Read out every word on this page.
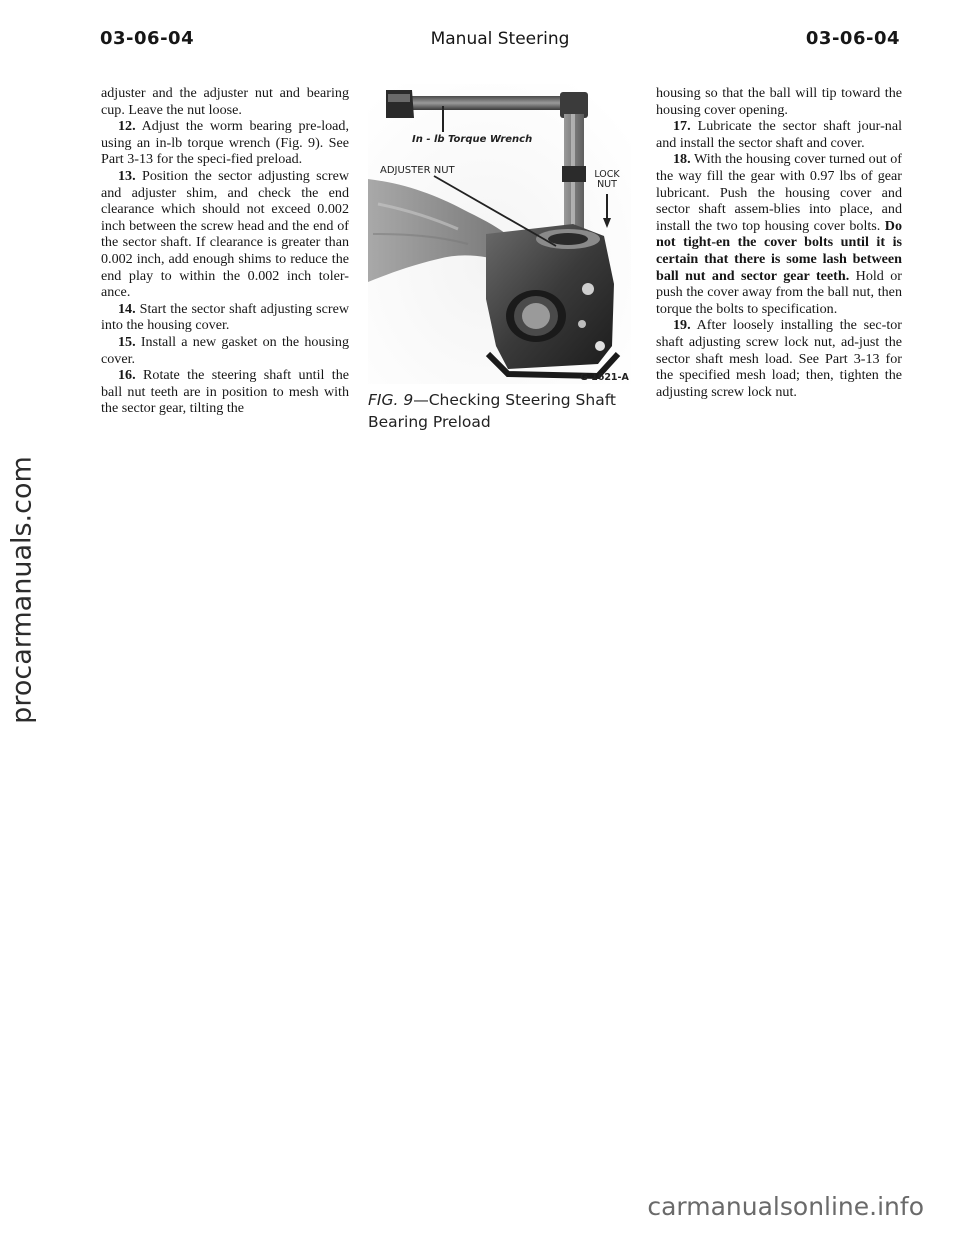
03-06-04	Manual Steering	03-06-04

adjuster and the adjuster nut and bearing cup. Leave the nut loose.

12. Adjust the worm bearing pre-load, using an in-lb torque wrench (Fig. 9). See Part 3-13 for the speci-fied preload.

13. Position the sector adjusting screw and adjuster shim, and check the end clearance which should not exceed 0.002 inch between the screw head and the end of the sector shaft. If clearance is greater than 0.002 inch, add enough shims to reduce the end play to within the 0.002 inch toler-ance.

14. Start the sector shaft adjusting screw into the housing cover.

15. Install a new gasket on the housing cover.

16. Rotate the steering shaft until the ball nut teeth are in position to mesh with the sector gear, tilting the

In - lb Torque Wrench
ADJUSTER NUT	LOCK
NUT
G 1621-A
FIG. 9—Checking Steering Shaft Bearing Preload

housing so that the ball will tip toward the housing cover opening.

17. Lubricate the sector shaft jour-nal and install the sector shaft and cover.

18. With the housing cover turned out of the way fill the gear with 0.97 lbs of gear lubricant. Push the housing cover and sector shaft assem-blies into place, and install the two top housing cover bolts. Do not tight-en the cover bolts until it is certain that there is some lash between ball nut and sector gear teeth. Hold or push the cover away from the ball nut, then torque the bolts to specification.

19. After loosely installing the sec-tor shaft adjusting screw lock nut, ad-just the sector shaft mesh load. See Part 3-13 for the specified mesh load; then, tighten the adjusting screw lock nut.

procarmanuals.com
carmanualsonline.info
